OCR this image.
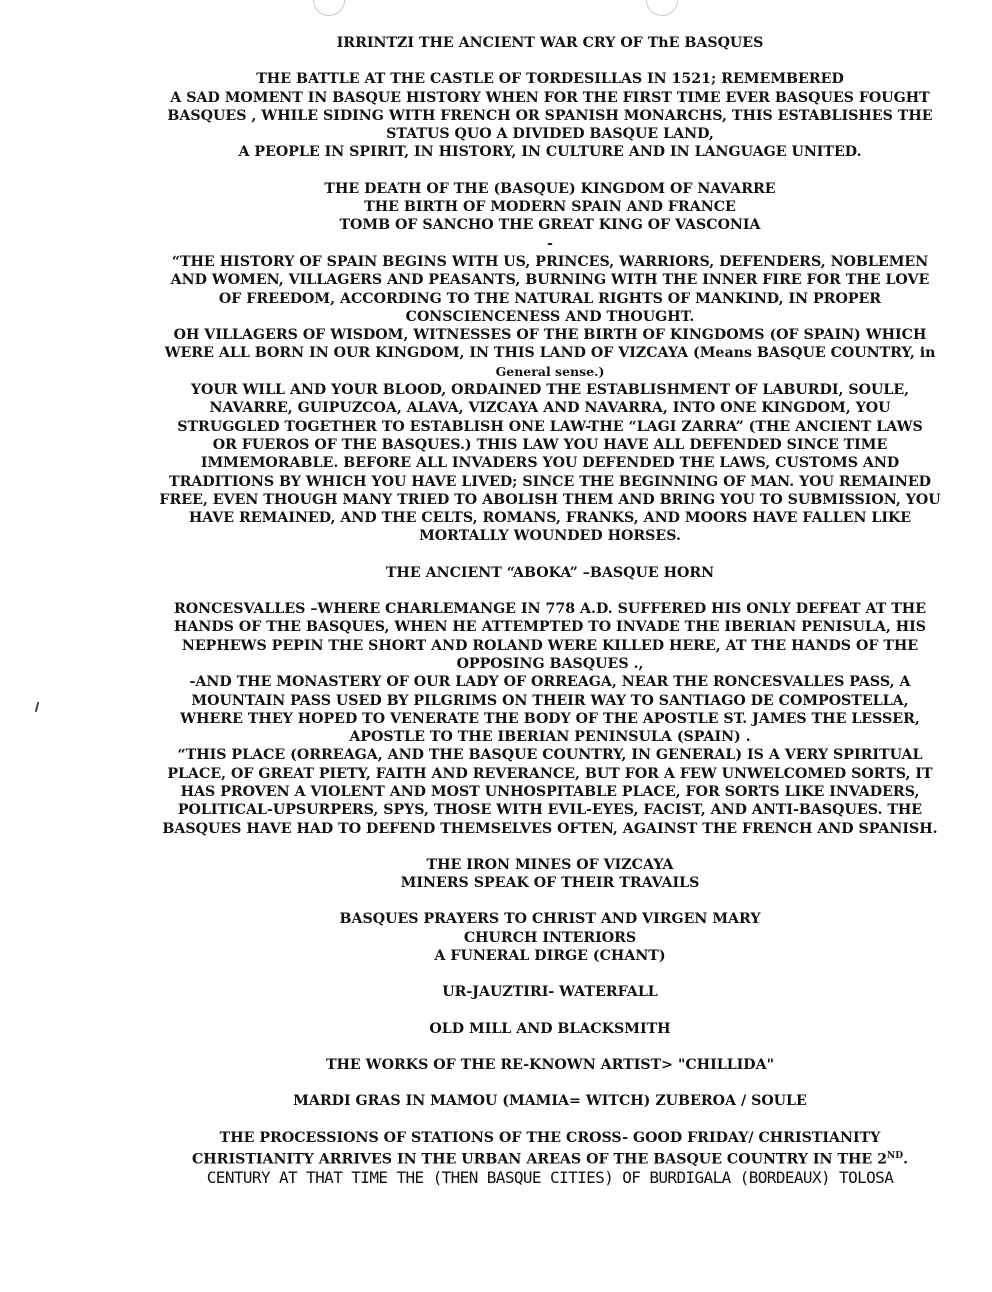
IRRINTZI THE ANCIENT WAR CRY OF ThE BASQUES
THE BATTLE AT THE CASTLE OF TORDESILLAS IN 1521; REMEMBERED
A SAD MOMENT IN BASQUE HISTORY WHEN FOR THE FIRST TIME EVER BASQUES FOUGHT
BASQUES , WHILE SIDING WITH FRENCH OR SPANISH MONARCHS, THIS ESTABLISHES THE
STATUS QUO A DIVIDED BASQUE LAND,
A PEOPLE IN SPIRIT, IN HISTORY, IN CULTURE AND IN LANGUAGE UNITED.
THE DEATH OF THE (BASQUE) KINGDOM OF NAVARRE
THE BIRTH OF MODERN SPAIN AND FRANCE
TOMB OF SANCHO THE GREAT KING OF VASCONIA
-
“THE HISTORY OF SPAIN BEGINS WITH US, PRINCES, WARRIORS, DEFENDERS, NOBLEMEN
AND WOMEN, VILLAGERS AND PEASANTS, BURNING WITH THE INNER FIRE FOR THE LOVE
OF FREEDOM, ACCORDING TO THE NATURAL RIGHTS OF MANKIND, IN PROPER
CONSCIENCENESS AND THOUGHT.
OH VILLAGERS OF WISDOM, WITNESSES OF THE BIRTH OF KINGDOMS (OF SPAIN) WHICH
WERE ALL BORN IN OUR KINGDOM, IN THIS LAND OF VIZCAYA (Means BASQUE COUNTRY, in
General sense.)
YOUR WILL AND YOUR BLOOD, ORDAINED THE ESTABLISHMENT OF LABURDI, SOULE,
NAVARRE, GUIPUZCOA, ALAVA, VIZCAYA AND NAVARRA, INTO ONE KINGDOM, YOU
STRUGGLED TOGETHER TO ESTABLISH ONE LAW-THE “LAGI ZARRA” (THE ANCIENT LAWS
OR FUEROS OF THE BASQUES.) THIS LAW YOU HAVE ALL DEFENDED SINCE TIME
IMMEMORABLE. BEFORE ALL INVADERS YOU DEFENDED THE LAWS, CUSTOMS AND
TRADITIONS BY WHICH YOU HAVE LIVED; SINCE THE BEGINNING OF MAN. YOU REMAINED
FREE, EVEN THOUGH MANY TRIED TO ABOLISH THEM AND BRING YOU TO SUBMISSION, YOU
HAVE REMAINED, AND THE CELTS, ROMANS, FRANKS, AND MOORS HAVE FALLEN LIKE
MORTALLY WOUNDED HORSES.
THE ANCIENT “ABOKA” –BASQUE HORN
RONCESVALLES –WHERE CHARLEMANGE IN 778 A.D. SUFFERED HIS ONLY DEFEAT AT THE
HANDS OF THE BASQUES, WHEN HE ATTEMPTED TO INVADE THE IBERIAN PENISULA, HIS
NEPHEWS PEPIN THE SHORT AND ROLAND WERE KILLED HERE, AT THE HANDS OF THE
OPPOSING BASQUES .,
-AND THE MONASTERY OF OUR LADY OF ORREAGA, NEAR THE RONCESVALLES PASS, A
MOUNTAIN PASS USED BY PILGRIMS ON THEIR WAY TO SANTIAGO DE COMPOSTELLA,
WHERE THEY HOPED TO VENERATE THE BODY OF THE APOSTLE ST. JAMES THE LESSER,
APOSTLE TO THE IBERIAN PENINSULA (SPAIN) .
“THIS PLACE (ORREAGA, AND THE BASQUE COUNTRY, IN GENERAL) IS A VERY SPIRITUAL
PLACE, OF GREAT PIETY, FAITH AND REVERANCE, BUT FOR A FEW UNWELCOMED SORTS, IT
HAS PROVEN A VIOLENT AND MOST UNHOSPITABLE PLACE, FOR SORTS LIKE INVADERS,
POLITICAL-UPSURPERS, SPYS, THOSE WITH EVIL-EYES, FACIST, AND ANTI-BASQUES. THE
BASQUES HAVE HAD TO DEFEND THEMSELVES OFTEN, AGAINST THE FRENCH AND SPANISH.
THE IRON MINES OF VIZCAYA
MINERS SPEAK OF THEIR TRAVAILS
BASQUES PRAYERS TO CHRIST AND VIRGEN MARY
CHURCH INTERIORS
A FUNERAL DIRGE (CHANT)
UR-JAUZTIRI- WATERFALL
OLD MILL AND BLACKSMITH
THE WORKS OF THE RE-KNOWN ARTIST> "CHILLIDA"
MARDI GRAS IN MAMOU (MAMIA= WITCH) ZUBEROA / SOULE
THE PROCESSIONS OF STATIONS OF THE CROSS- GOOD FRIDAY/ CHRISTIANITY
CHRISTIANITY ARRIVES IN THE URBAN AREAS OF THE BASQUE COUNTRY IN THE 2ND.
CENTURY AT THAT TIME THE (THEN BASQUE CITIES) OF BURDIGALA (BORDEAUX) TOLOSA
